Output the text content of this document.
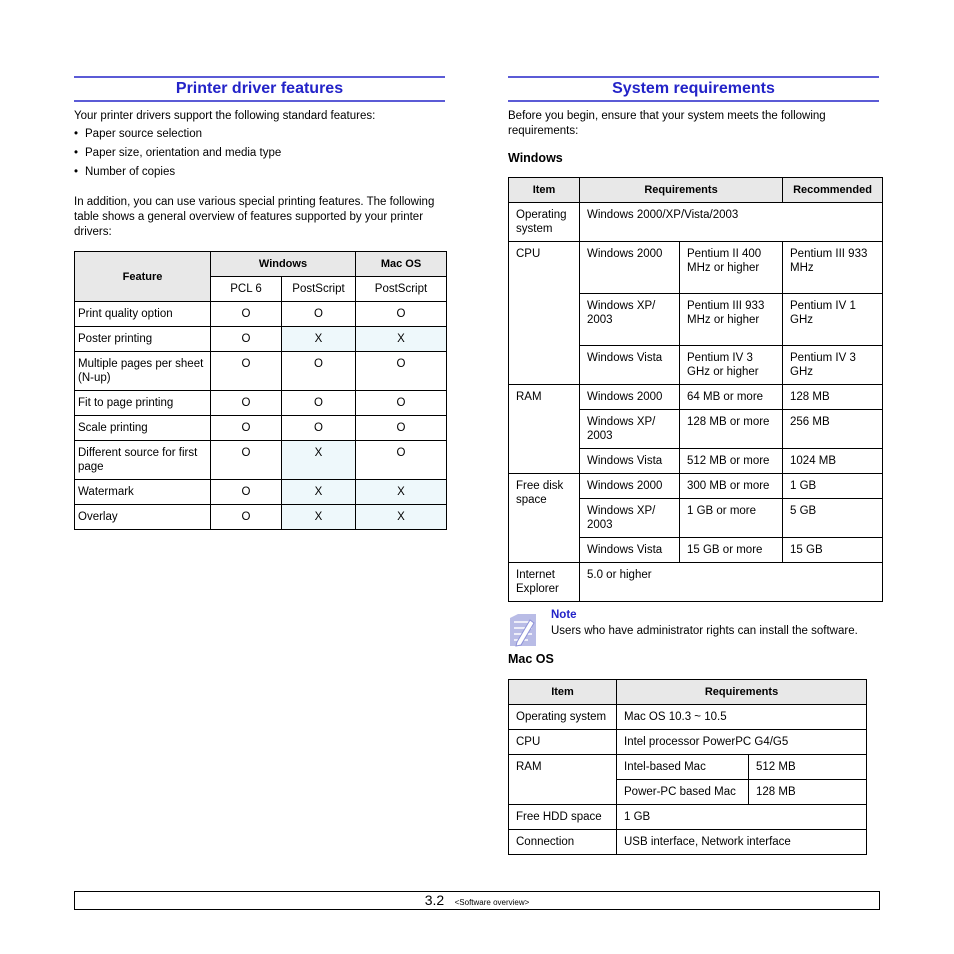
Printer driver features
Your printer drivers support the following standard features:
• Paper source selection
• Paper size, orientation and media type
• Number of copies
In addition, you can use various special printing features. The following table shows a general overview of features supported by your printer drivers:
Feature	Windows		Mac OS
	PCL 6	PostScript	PostScript
Print quality option	O	O	O
Poster printing	O	X	X
Multiple pages per sheet (N-up)	O	O	O
Fit to page printing	O	O	O
Scale printing	O	O	O
Different source for first page	O	X	O
Watermark	O	X	X
Overlay	O	X	X
System requirements
Before you begin, ensure that your system meets the following requirements:
Windows
Item	Requirements		Recommended
Operating system	Windows 2000/XP/Vista/2003		
CPU	Windows 2000	Pentium II 400 MHz or higher	Pentium III 933 MHz
	Windows XP/ 2003	Pentium III 933 MHz or higher	Pentium IV 1 GHz
	Windows Vista	Pentium IV 3 GHz or higher	Pentium IV 3 GHz
RAM	Windows 2000	64 MB or more	128 MB
	Windows XP/ 2003	128 MB or more	256 MB
	Windows Vista	512 MB or more	1024 MB
Free disk space	Windows 2000	300 MB or more	1 GB
	Windows XP/ 2003	1 GB or more	5 GB
	Windows Vista	15 GB or more	15 GB
Internet Explorer	5.0 or higher		
Note
Users who have administrator rights can install the software.
Mac OS
Item	Requirements	
Operating system	Mac OS 10.3 ~ 10.5	
CPU	Intel processor PowerPC G4/G5	
RAM	Intel-based Mac	512 MB
	Power-PC based Mac	128 MB
Free HDD space	1 GB	
Connection	USB interface, Network interface	
3.2 <Software overview>
